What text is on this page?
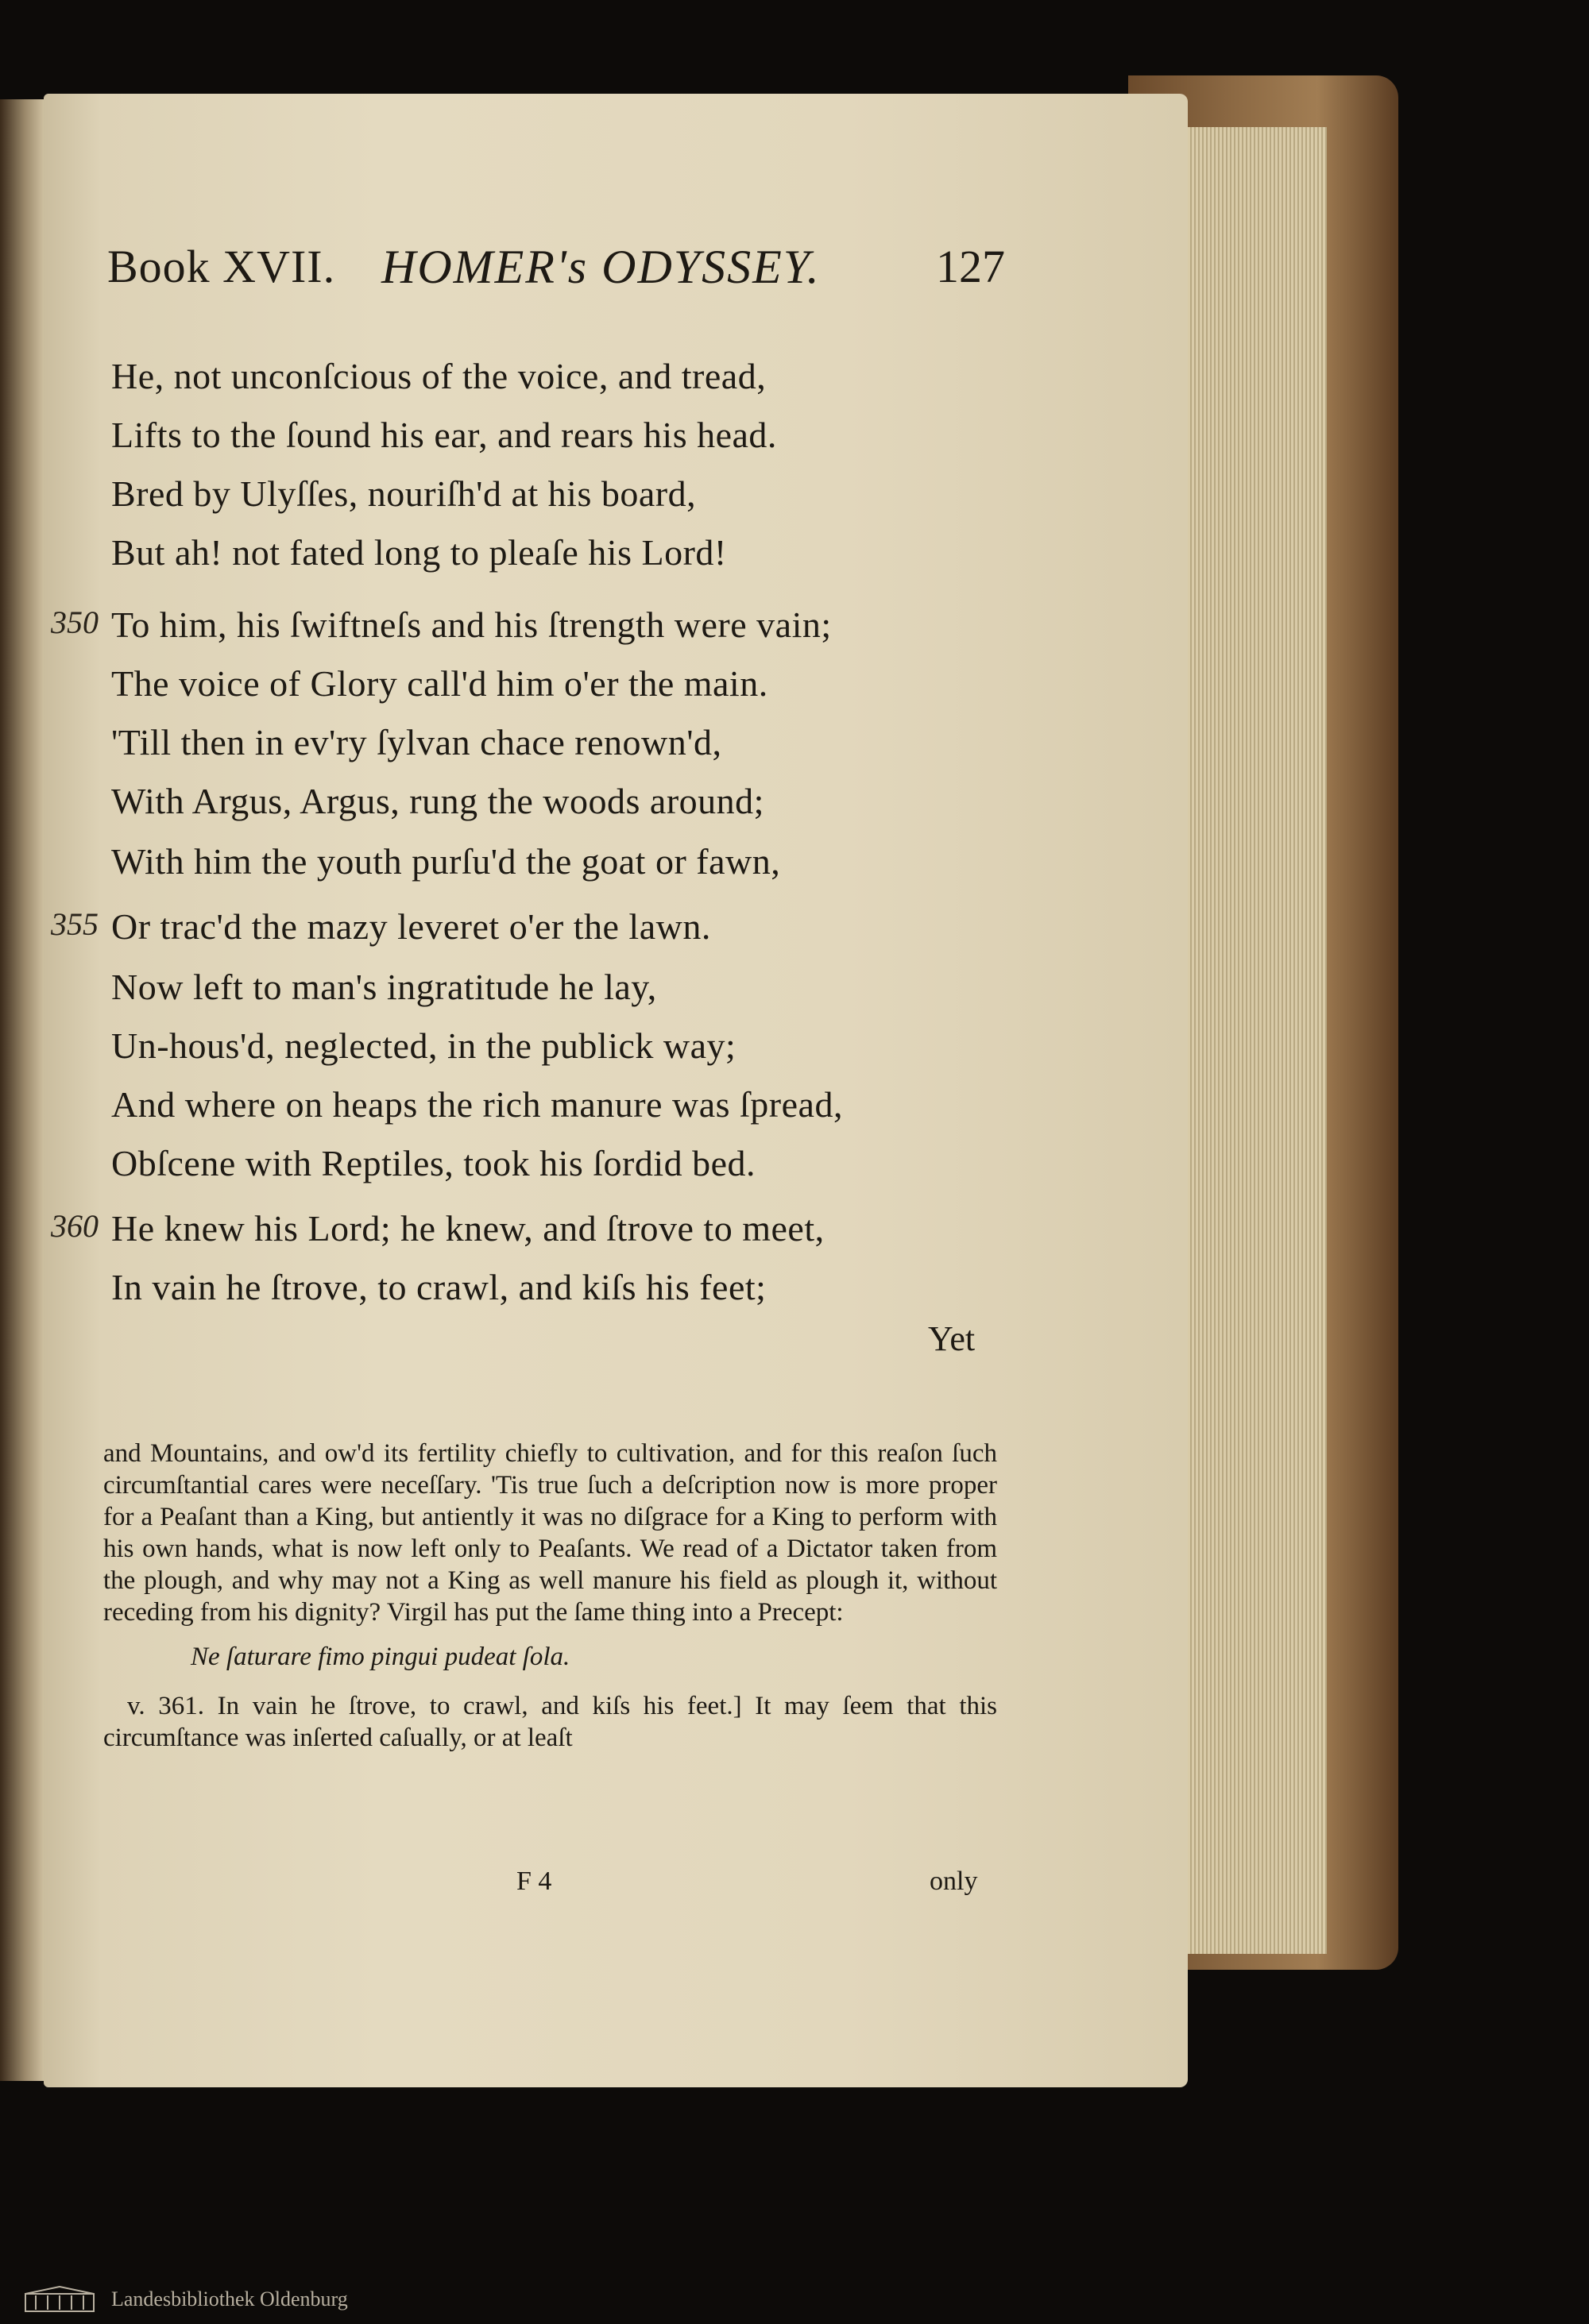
Book XVII. HOMER's ODYSSEY.	127
He, not unconſcious of the voice, and tread,
Lifts to the ſound his ear, and rears his head.
Bred by Ulyſſes, nouriſh'd at his board,
But ah! not fated long to pleaſe his Lord!
350 To him, his ſwiftneſs and his ſtrength were vain;
The voice of Glory call'd him o'er the main.
'Till then in ev'ry ſylvan chace renown'd,
With Argus, Argus, rung the woods around;
With him the youth purſu'd the goat or fawn,
355 Or trac'd the mazy leveret o'er the lawn.
Now left to man's ingratitude he lay,
Un-hous'd, neglected, in the publick way;
And where on heaps the rich manure was ſpread,
Obſcene with Reptiles, took his ſordid bed.
360 He knew his Lord; he knew, and ſtrove to meet,
In vain he ſtrove, to crawl, and kiſs his feet;
Yet

and Mountains, and ow'd its fertility chiefly to cultivation, and for this reaſon ſuch circumſtantial cares were neceſſary. 'Tis true ſuch a deſcription now is more proper for a Peaſant than a King, but antiently it was no diſgrace for a King to perform with his own hands, what is now left only to Peaſants. We read of a Dictator taken from the plough, and why may not a King as well manure his field as plough it, without receding from his dignity? Virgil has put the ſame thing into a Precept:

Ne ſaturare fimo pingui pudeat ſola.

v. 361. In vain he ſtrove, to crawl, and kiſs his feet.] It may ſeem that this circumſtance was inſerted caſually, or at leaſt

F 4	only
Landesbibliothek Oldenburg
